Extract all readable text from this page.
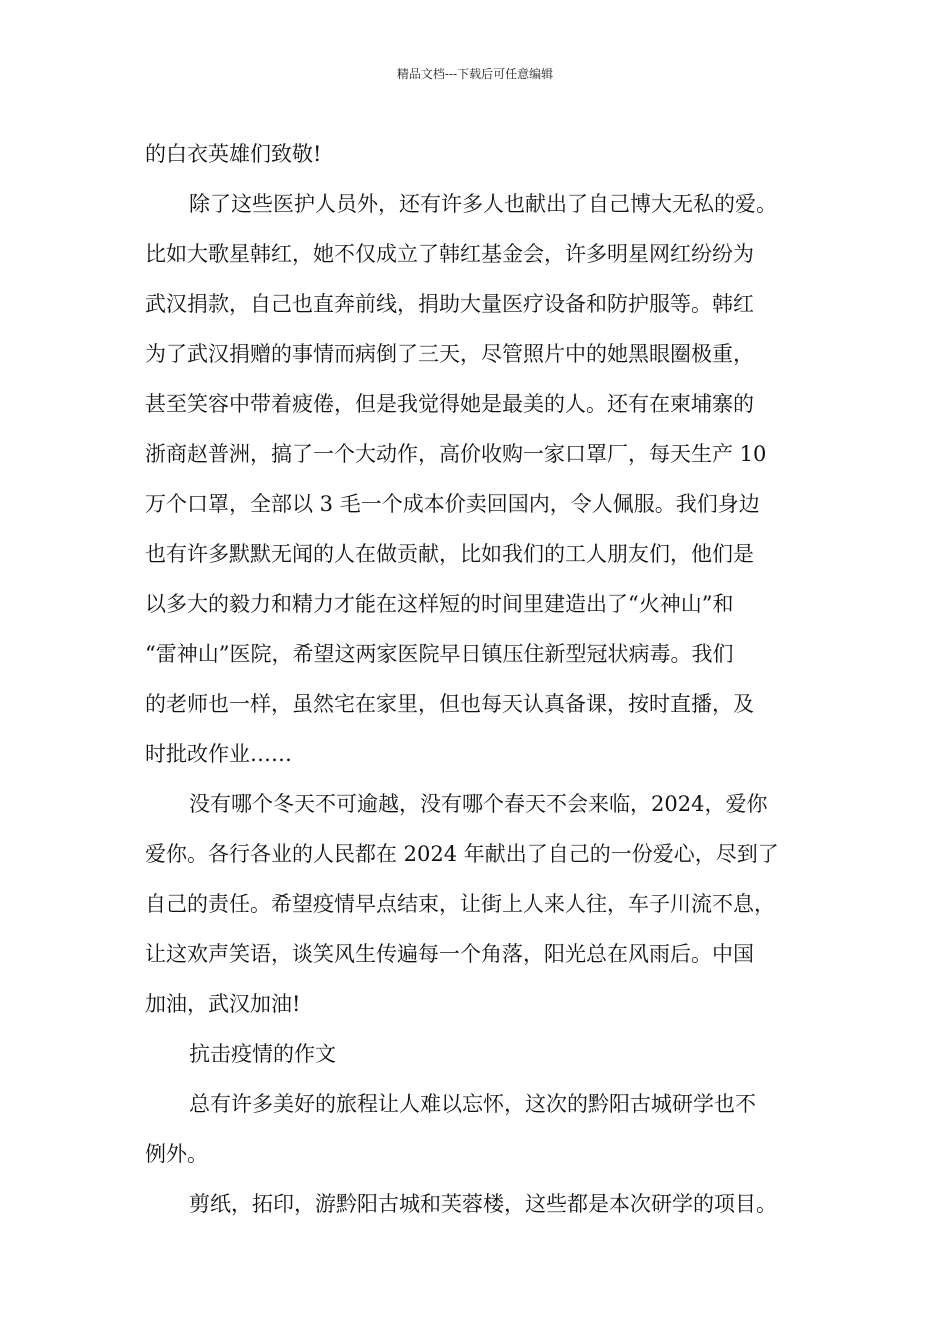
精品文档---下载后可任意编辑
的白衣英雄们致敬!
除了这些医护人员外，还有许多人也献出了自己博大无私的爱。
比如大歌星韩红，她不仅成立了韩红基金会，许多明星网红纷纷为
武汉捐款，自己也直奔前线，捐助大量医疗设备和防护服等。韩红
为了武汉捐赠的事情而病倒了三天，尽管照片中的她黑眼圈极重，
甚至笑容中带着疲倦，但是我觉得她是最美的人。还有在柬埔寨的
浙商赵普洲，搞了一个大动作，高价收购一家口罩厂，每天生产 10
万个口罩，全部以 3 毛一个成本价卖回国内，令人佩服。我们身边
也有许多默默无闻的人在做贡献，比如我们的工人朋友们，他们是
以多大的毅力和精力才能在这样短的时间里建造出了“火神山”和
“雷神山”医院，希望这两家医院早日镇压住新型冠状病毒。我们
的老师也一样，虽然宅在家里，但也每天认真备课，按时直播，及
时批改作业……
没有哪个冬天不可逾越，没有哪个春天不会来临，2024，爱你
爱你。各行各业的人民都在 2024 年献出了自己的一份爱心，尽到了
自己的责任。希望疫情早点结束，让街上人来人往，车子川流不息，
让这欢声笑语，谈笑风生传遍每一个角落，阳光总在风雨后。中国
加油，武汉加油!
抗击疫情的作文
总有许多美好的旅程让人难以忘怀，这次的黔阳古城研学也不
例外。
剪纸，拓印，游黔阳古城和芙蓉楼，这些都是本次研学的项目。
